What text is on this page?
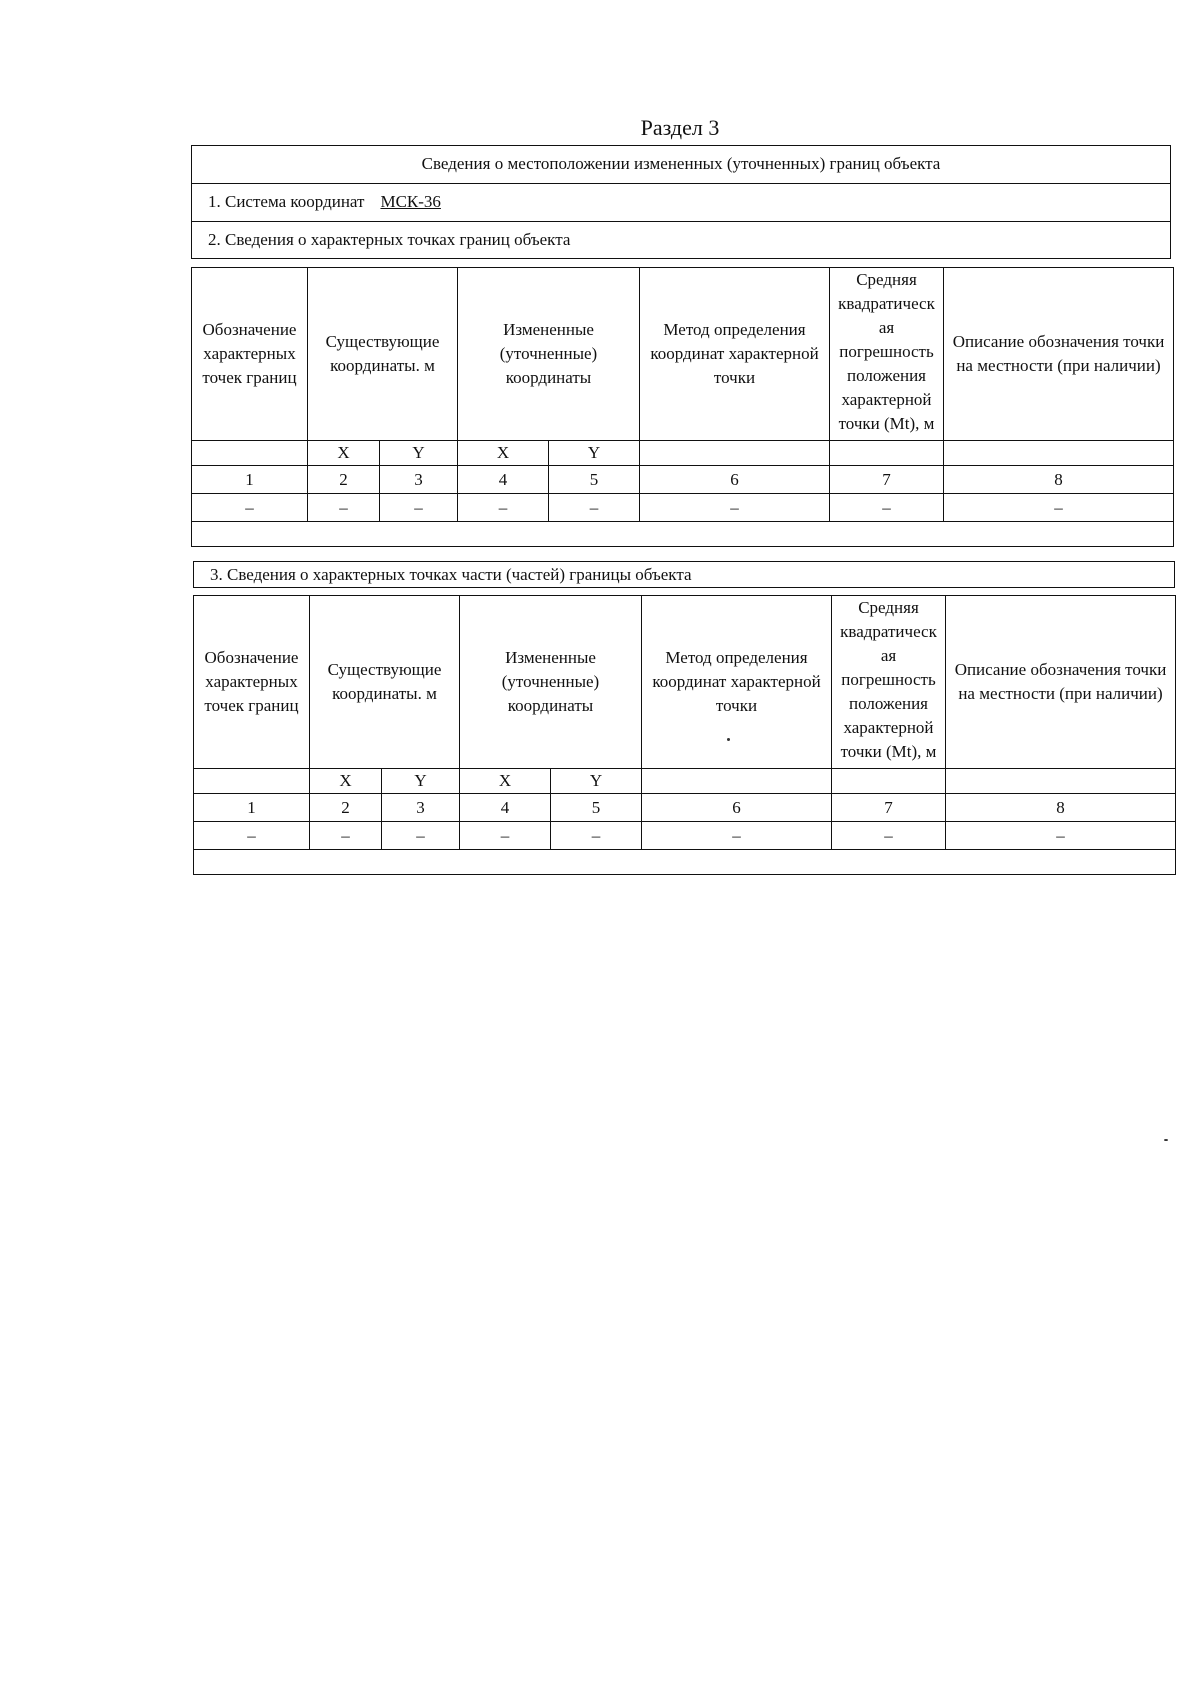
Раздел 3
Сведения о местоположении измененных (уточненных) границ объекта
1. Система координат МСК-36
2. Сведения о характерных точках границ объекта
Обозначение характерных точек границ	Существующие координаты. м		Измененные (уточненные) координаты		Метод определения координат характерной точки	Средняя квадратическ ая погрешность положения характерной точки (Mt), м	Описание обозначения точки на местности (при наличии)
	X	Y	X	Y			
1	2	3	4	5	6	7	8
–	–	–	–	–	–	–	–

3. Сведения о характерных точках части (частей) границы объекта
Обозначение характерных точек границ	Существующие координаты. м		Измененные (уточненные) координаты		Метод определения координат характерной точки	Средняя квадратическ ая погрешность положения характерной точки (Mt), м	Описание обозначения точки на местности (при наличии)
	X	Y	X	Y			
1	2	3	4	5	6	7	8
–	–	–	–	–	–	–	–
